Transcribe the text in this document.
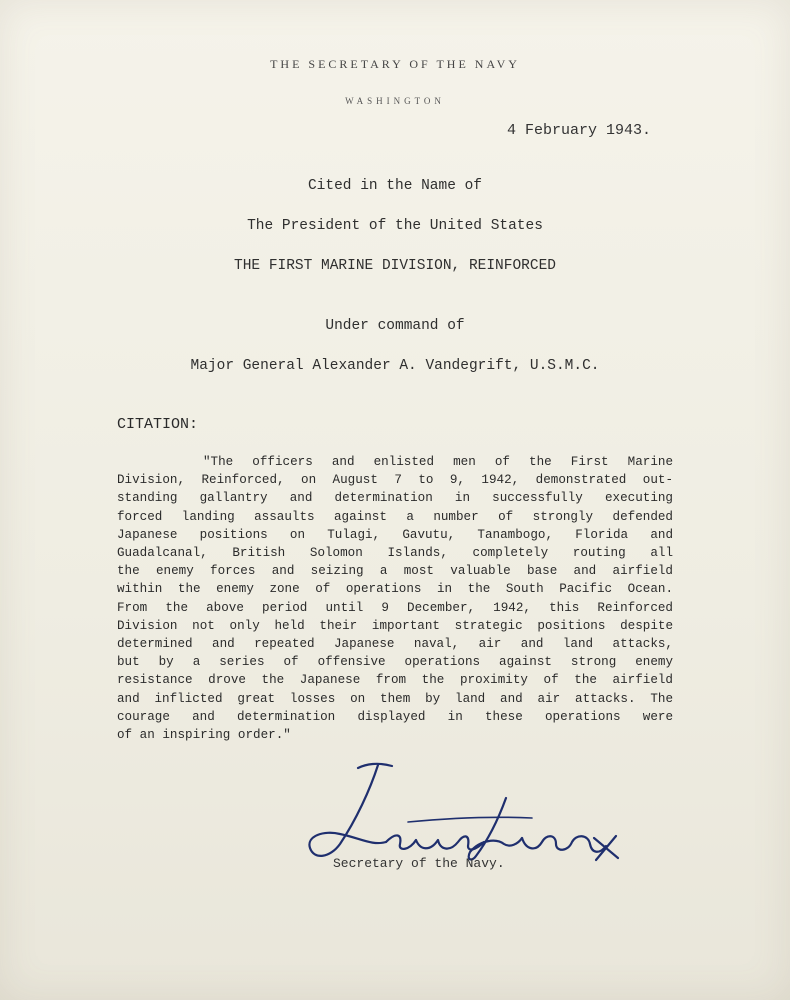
THE SECRETARY OF THE NAVY
WASHINGTON
4 February 1943.
Cited in the Name of
The President of the United States
THE FIRST MARINE DIVISION, REINFORCED
Under command of
Major General Alexander A. Vandegrift, U.S.M.C.
CITATION:
"The officers and enlisted men of the First Marine
Division, Reinforced, on August 7 to 9, 1942, demonstrated out-
standing gallantry and determination in successfully executing
forced landing assaults against a number of strongly defended
Japanese positions on Tulagi, Gavutu, Tanambogo, Florida and
Guadalcanal, British Solomon Islands, completely routing all
the enemy forces and seizing a most valuable base and airfield
within the enemy zone of operations in the South Pacific Ocean.
From the above period until 9 December, 1942, this Reinforced
Division not only held their important strategic positions despite
determined and repeated Japanese naval, air and land attacks,
but by a series of offensive operations against strong enemy
resistance drove the Japanese from the proximity of the airfield
and inflicted great losses on them by land and air attacks. The
courage and determination displayed in these operations were
of an inspiring order."
Secretary of the Navy.
